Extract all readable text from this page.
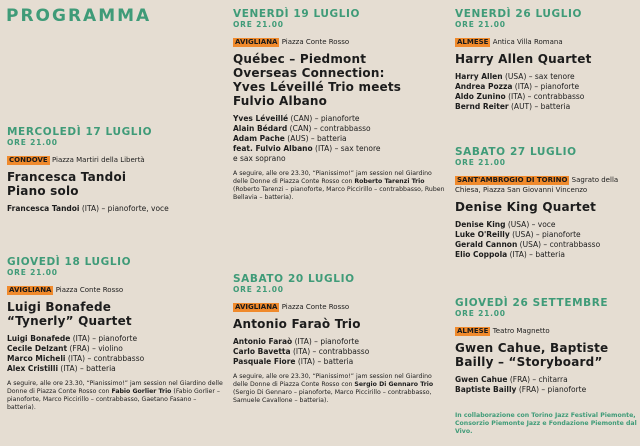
PROGRAMMA
MERCOLEDÌ 17 LUGLIO
ORE 21.00
CONDOVE Piazza Martiri della Libertà
Francesca Tandoi
Piano solo
Francesca Tandoi (ITA) – pianoforte, voce
GIOVEDÌ 18 LUGLIO
ORE 21.00
AVIGLIANA Piazza Conte Rosso
Luigi Bonafede
“Tynerly” Quartet
Luigi Bonafede (ITA) – pianoforte
Cecile Delzant (FRA) – violino
Marco Micheli (ITA) – contrabbasso
Alex Cristilli (ITA) – batteria
A seguire, alle ore 23.30, “Pianissimo!” jam session nel Giardino delle Donne di Piazza Conte Rosso con Fabio Gorlier Trio (Fabio Gorlier – pianoforte, Marco Piccirillo – contrabbasso, Gaetano Fasano – batteria).
VENERDÌ 19 LUGLIO
ORE 21.00
AVIGLIANA Piazza Conte Rosso
Québec – Piedmont
Overseas Connection:
Yves Léveillé Trio meets
Fulvio Albano
Yves Léveillé (CAN) – pianoforte
Alain Bédard (CAN) – contrabbasso
Adam Pache (AUS) – batteria
feat. Fulvio Albano (ITA) – sax tenore
e sax soprano
A seguire, alle ore 23.30, “Pianissimo!” jam session nel Giardino delle Donne di Piazza Conte Rosso con Roberto Tarenzi Trio (Roberto Tarenzi – pianoforte, Marco Piccirillo – contrabbasso, Ruben Bellavia – batteria).
SABATO 20 LUGLIO
ORE 21.00
AVIGLIANA Piazza Conte Rosso
Antonio Faraò Trio
Antonio Faraò (ITA) – pianoforte
Carlo Bavetta (ITA) – contrabbasso
Pasquale Fiore (ITA) – batteria
A seguire, alle ore 23.30, “Pianissimo!” jam session nel Giardino delle Donne di Piazza Conte Rosso con Sergio Di Gennaro Trio (Sergio Di Gennaro – pianoforte, Marco Piccirillo – contrabbasso, Samuele Cavallone – batteria).
VENERDÌ 26 LUGLIO
ORE 21.00
ALMESE Antica Villa Romana
Harry Allen Quartet
Harry Allen (USA) – sax tenore
Andrea Pozza (ITA) – pianoforte
Aldo Zunino (ITA) – contrabbasso
Bernd Reiter (AUT) – batteria
SABATO 27 LUGLIO
ORE 21.00
SANT'AMBROGIO DI TORINO Sagrato della Chiesa, Piazza San Giovanni Vincenzo
Denise King Quartet
Denise King (USA) – voce
Luke O'Reilly (USA) – pianoforte
Gerald Cannon (USA) – contrabbasso
Elio Coppola (ITA) – batteria
GIOVEDÌ 26 SETTEMBRE
ORE 21.00
ALMESE Teatro Magnetto
Gwen Cahue, Baptiste
Bailly – “Storyboard”
Gwen Cahue (FRA) – chitarra
Baptiste Bailly (FRA) – pianoforte
In collaborazione con Torino Jazz Festival Piemonte, Consorzio Piemonte Jazz e Fondazione Piemonte dal Vivo.
